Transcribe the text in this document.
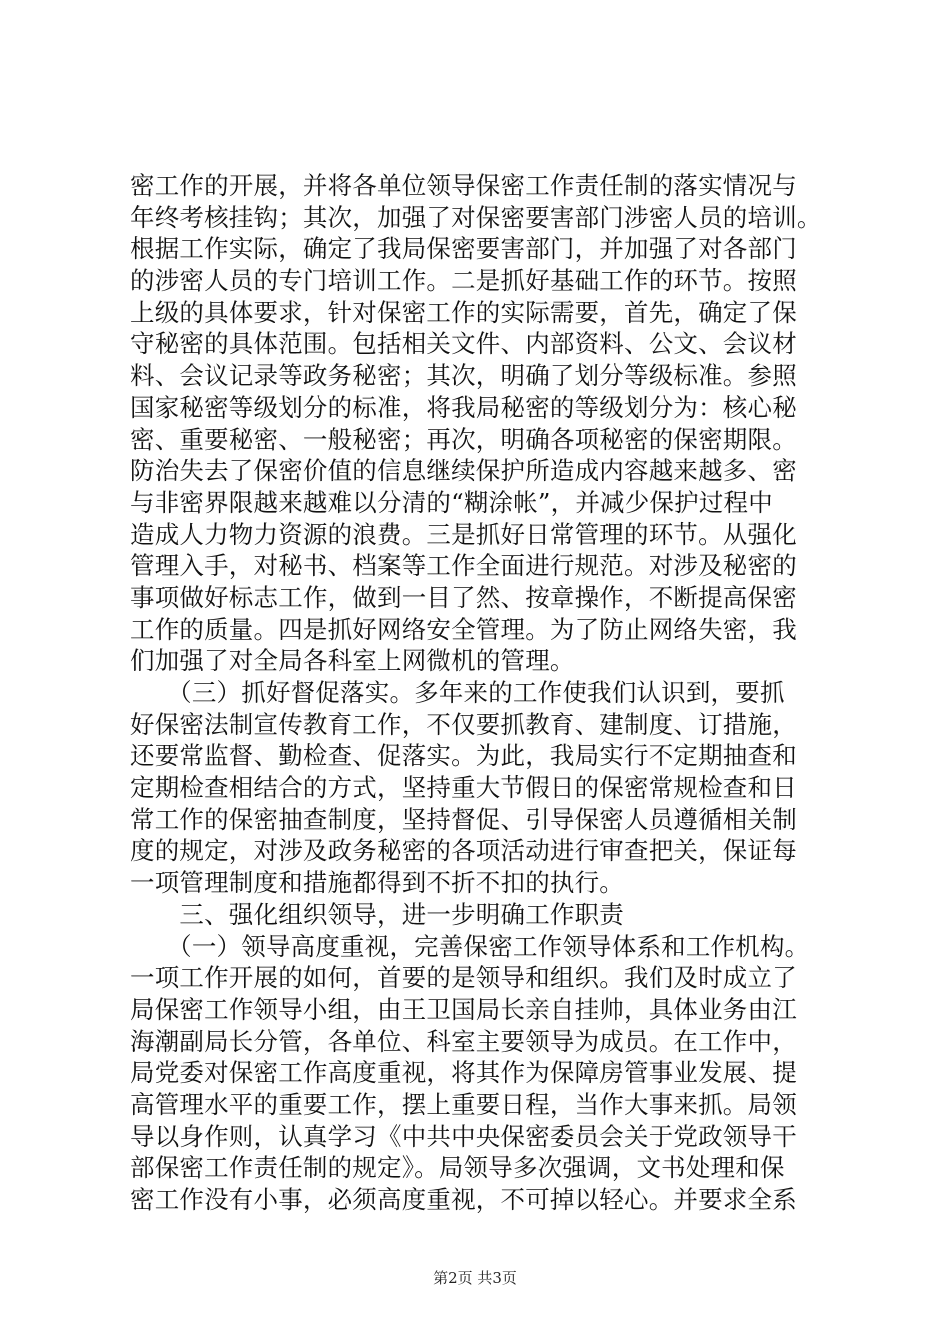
密工作的开展，并将各单位领导保密工作责任制的落实情况与
年终考核挂钩；其次，加强了对保密要害部门涉密人员的培训。
根据工作实际，确定了我局保密要害部门，并加强了对各部门
的涉密人员的专门培训工作。二是抓好基础工作的环节。按照
上级的具体要求，针对保密工作的实际需要，首先，确定了保
守秘密的具体范围。包括相关文件、内部资料、公文、会议材
料、会议记录等政务秘密；其次，明确了划分等级标准。参照
国家秘密等级划分的标准，将我局秘密的等级划分为：核心秘
密、重要秘密、一般秘密；再次，明确各项秘密的保密期限。
防治失去了保密价值的信息继续保护所造成内容越来越多、密
与非密界限越来越难以分清的“糊涂帐”，并减少保护过程中
造成人力物力资源的浪费。三是抓好日常管理的环节。从强化
管理入手，对秘书、档案等工作全面进行规范。对涉及秘密的
事项做好标志工作，做到一目了然、按章操作，不断提高保密
工作的质量。四是抓好网络安全管理。为了防止网络失密，我
们加强了对全局各科室上网微机的管理。
　　（三）抓好督促落实。多年来的工作使我们认识到，要抓
好保密法制宣传教育工作，不仅要抓教育、建制度、订措施，
还要常监督、勤检查、促落实。为此，我局实行不定期抽查和
定期检查相结合的方式，坚持重大节假日的保密常规检查和日
常工作的保密抽查制度，坚持督促、引导保密人员遵循相关制
度的规定，对涉及政务秘密的各项活动进行审查把关，保证每
一项管理制度和措施都得到不折不扣的执行。
　　三、强化组织领导，进一步明确工作职责
　　（一）领导高度重视，完善保密工作领导体系和工作机构。
一项工作开展的如何，首要的是领导和组织。我们及时成立了
局保密工作领导小组，由王卫国局长亲自挂帅，具体业务由江
海潮副局长分管，各单位、科室主要领导为成员。在工作中，
局党委对保密工作高度重视，将其作为保障房管事业发展、提
高管理水平的重要工作，摆上重要日程，当作大事来抓。局领
导以身作则，认真学习《中共中央保密委员会关于党政领导干
部保密工作责任制的规定》。局领导多次强调，文书处理和保
密工作没有小事，必须高度重视，不可掉以轻心。并要求全系
第2页 共3页
